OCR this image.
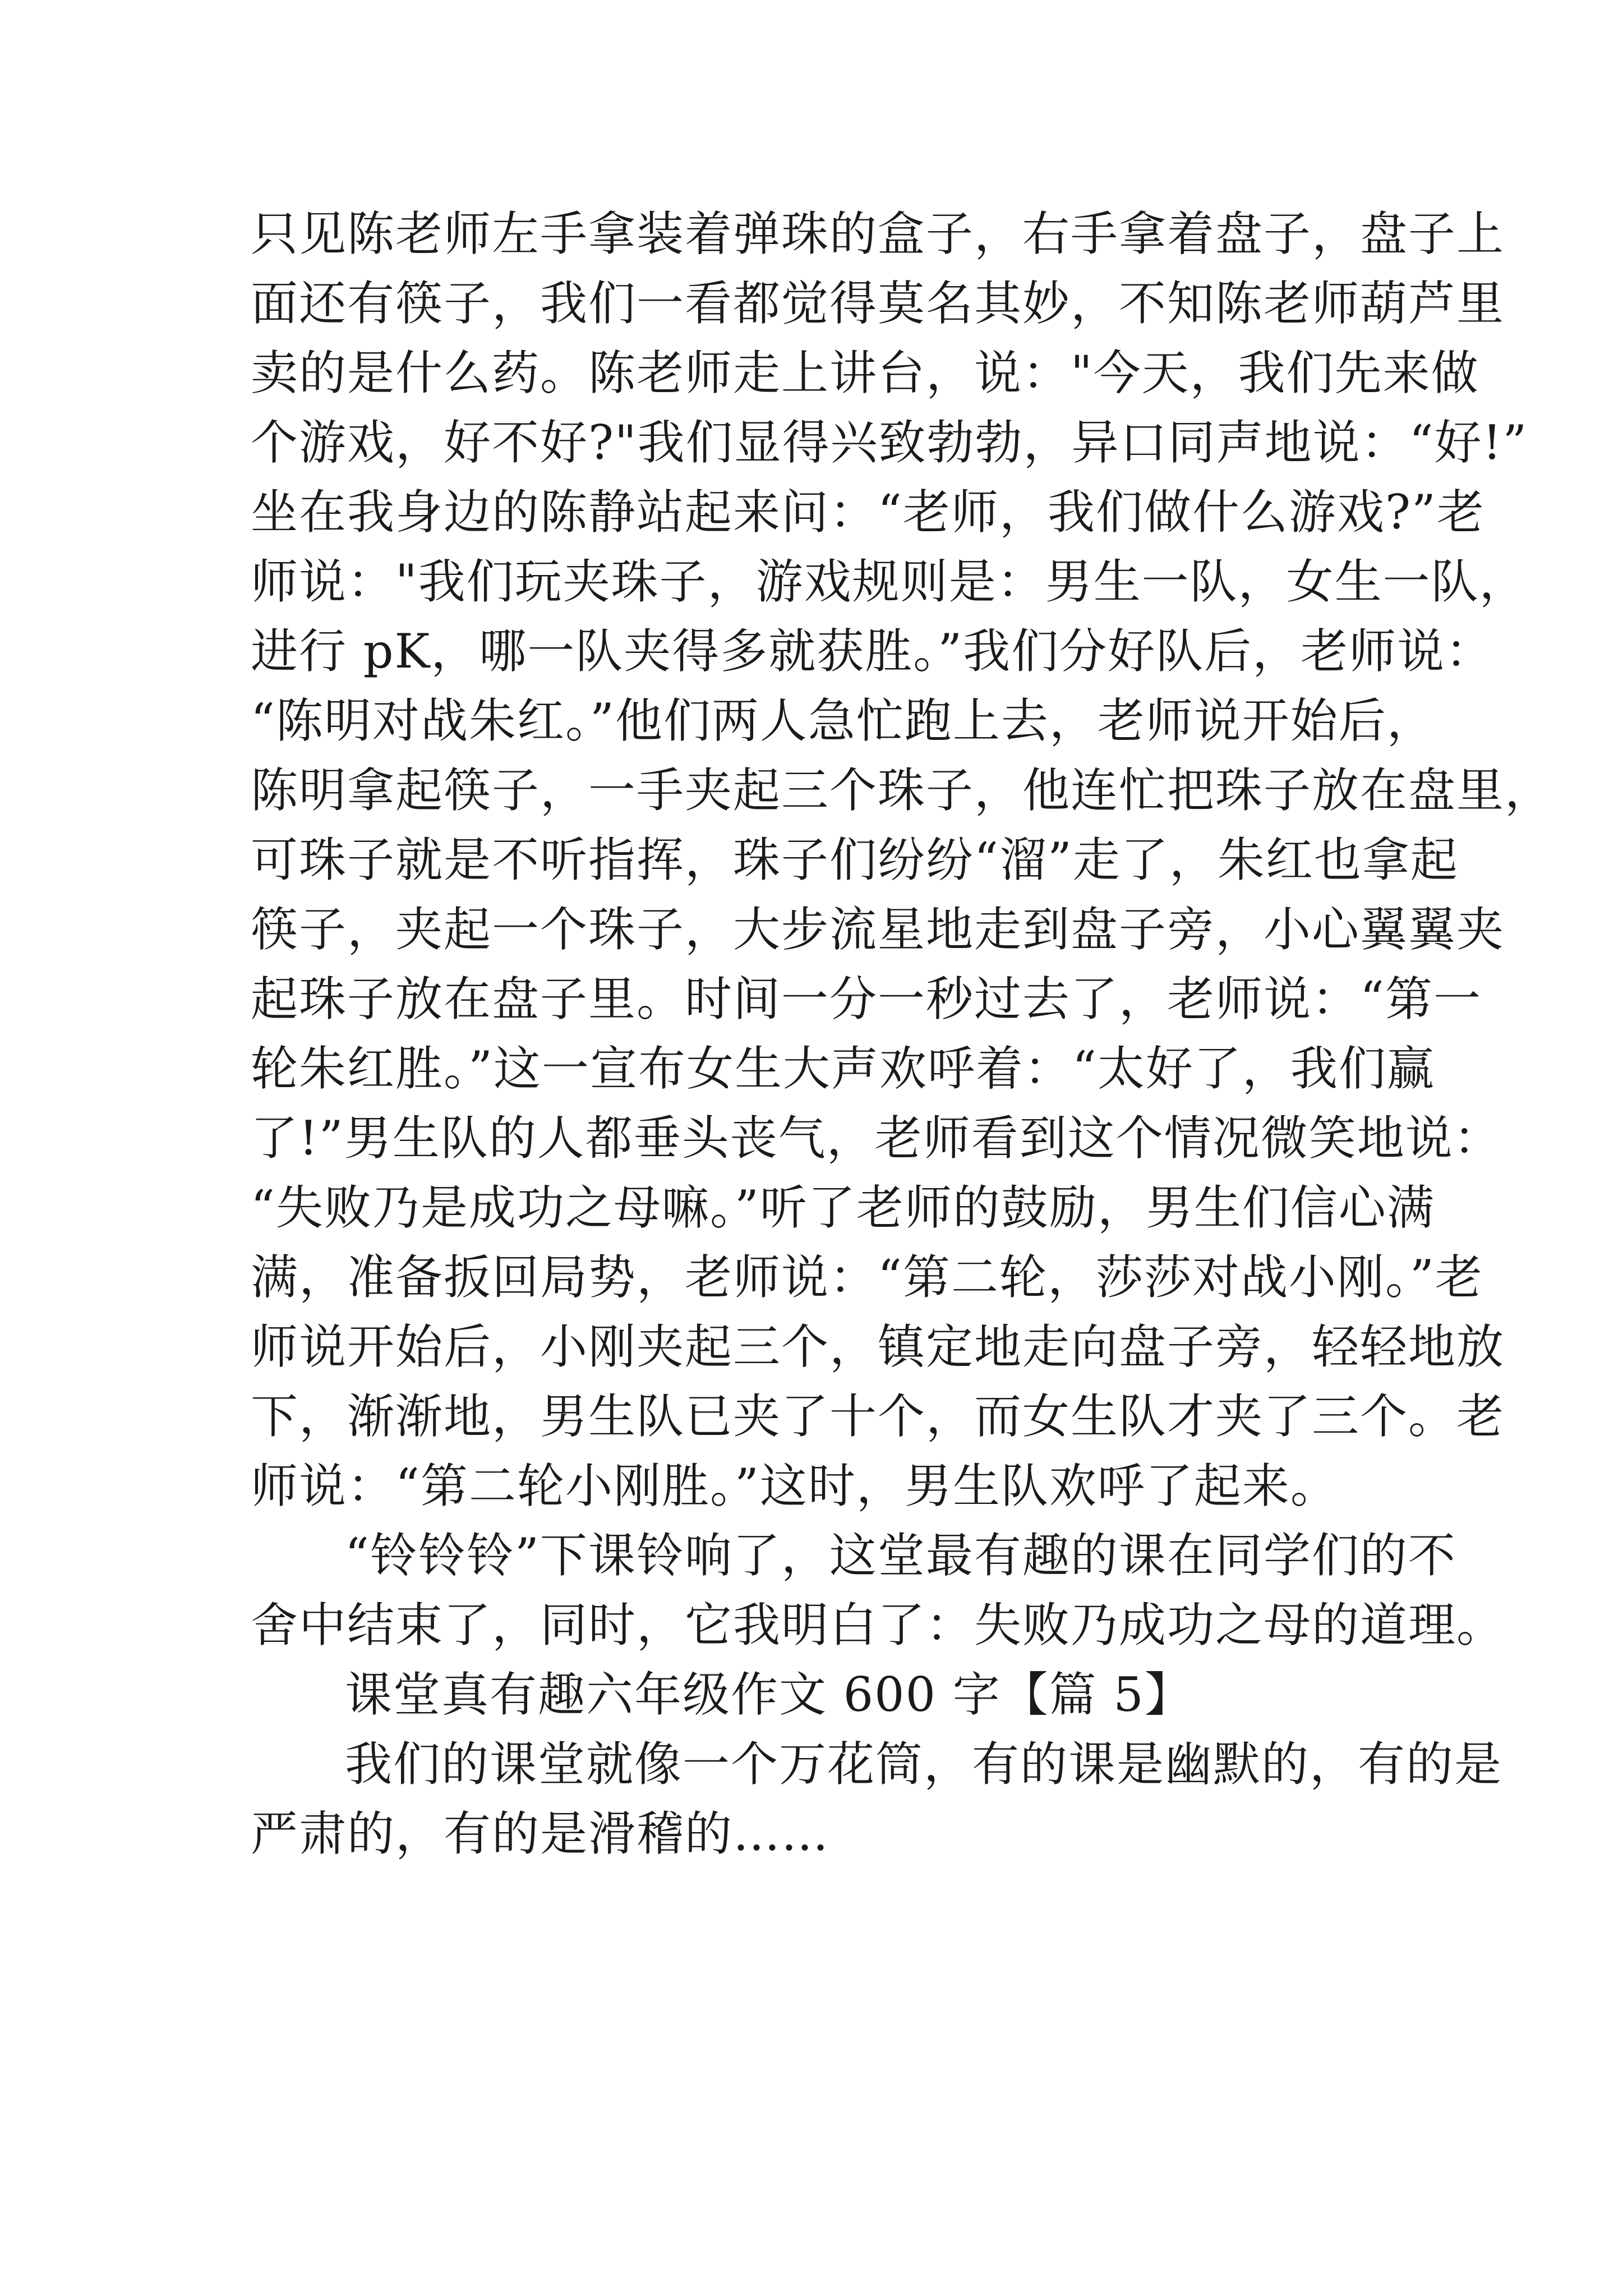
只见陈老师左手拿装着弹珠的盒子，右手拿着盘子，盘子上
面还有筷子，我们一看都觉得莫名其妙，不知陈老师葫芦里
卖的是什么药。陈老师走上讲台，说："今天，我们先来做
个游戏，好不好?"我们显得兴致勃勃，异口同声地说：“好!”
坐在我身边的陈静站起来问：“老师，我们做什么游戏?”老
师说："我们玩夹珠子，游戏规则是：男生一队，女生一队，
进行 pK，哪一队夹得多就获胜。”我们分好队后，老师说：
“陈明对战朱红。”他们两人急忙跑上去，老师说开始后，
陈明拿起筷子，一手夹起三个珠子，他连忙把珠子放在盘里，
可珠子就是不听指挥，珠子们纷纷“溜”走了，朱红也拿起
筷子，夹起一个珠子，大步流星地走到盘子旁，小心翼翼夹
起珠子放在盘子里。时间一分一秒过去了，老师说：“第一
轮朱红胜。”这一宣布女生大声欢呼着：“太好了，我们赢
了!”男生队的人都垂头丧气，老师看到这个情况微笑地说：
“失败乃是成功之母嘛。”听了老师的鼓励，男生们信心满
满，准备扳回局势，老师说：“第二轮，莎莎对战小刚。”老
师说开始后，小刚夹起三个，镇定地走向盘子旁，轻轻地放
下，渐渐地，男生队已夹了十个，而女生队才夹了三个。老
师说：“第二轮小刚胜。”这时，男生队欢呼了起来。
“铃铃铃”下课铃响了，这堂最有趣的课在同学们的不
舍中结束了，同时，它我明白了：失败乃成功之母的道理。
课堂真有趣六年级作文 600 字【篇 5】
我们的课堂就像一个万花筒，有的课是幽默的，有的是
严肃的，有的是滑稽的……
